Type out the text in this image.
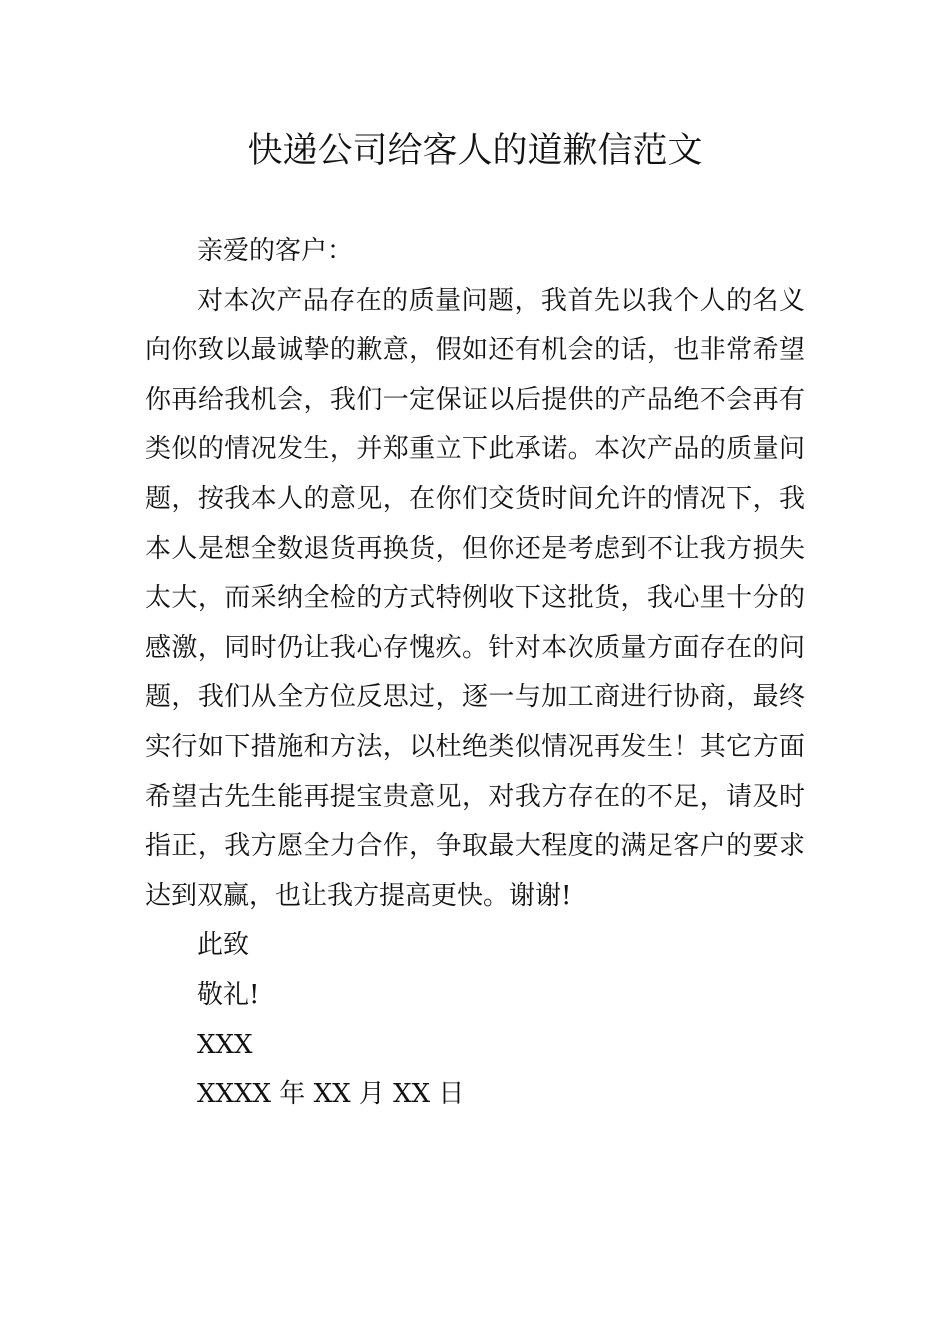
快递公司给客人的道歉信范文
亲爱的客户：
对本次产品存在的质量问题，我首先以我个人的名义
向你致以最诚挚的歉意，假如还有机会的话，也非常希望
你再给我机会，我们一定保证以后提供的产品绝不会再有
类似的情况发生，并郑重立下此承诺。本次产品的质量问
题，按我本人的意见，在你们交货时间允许的情况下，我
本人是想全数退货再换货，但你还是考虑到不让我方损失
太大，而采纳全检的方式特例收下这批货，我心里十分的
感激，同时仍让我心存愧疚。针对本次质量方面存在的问
题，我们从全方位反思过，逐一与加工商进行协商，最终
实行如下措施和方法，以杜绝类似情况再发生！其它方面
希望古先生能再提宝贵意见，对我方存在的不足，请及时
指正，我方愿全力合作，争取最大程度的满足客户的要求
达到双赢，也让我方提高更快。谢谢!
此致
敬礼!
XXX
XXXX 年 XX 月 XX 日
